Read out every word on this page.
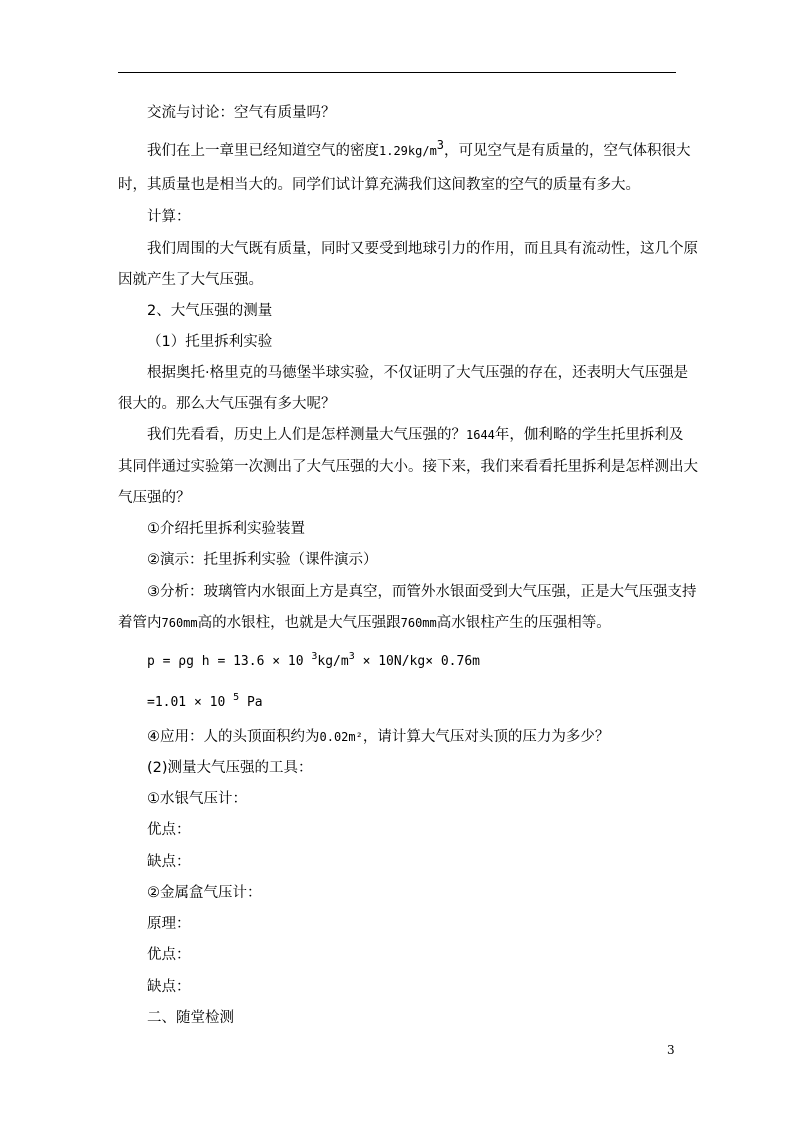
交流与讨论：空气有质量吗？
我们在上一章里已经知道空气的密度$1.29kg/m^3$，可见空气是有质量的，空气体积很大
时，其质量也是相当大的。同学们试计算充满我们这间教室的空气的质量有多大。
计算：
我们周围的大气既有质量，同时又要受到地球引力的作用，而且具有流动性，这几个原
因就产生了大气压强。
2、大气压强的测量
（1）托里拆利实验
根据奥托·格里克的马德堡半球实验，不仅证明了大气压强的存在，还表明大气压强是
很大的。那么大气压强有多大呢？
我们先看看，历史上人们是怎样测量大气压强的？1644年，伽利略的学生托里拆利及
其同伴通过实验第一次测出了大气压强的大小。接下来，我们来看看托里拆利是怎样测出大
气压强的？
①介绍托里拆利实验装置
②演示：托里拆利实验（课件演示）
③分析：玻璃管内水银面上方是真空，而管外水银面受到大气压强，正是大气压强支持
着管内760mm高的水银柱，也就是大气压强跟760mm高水银柱产生的压强相等。
p = ρg h = 13.6 × 10 $^3kg/m^3 \times 10N/kg\times 0.76m$
=1.01 × 10 $^5$ Pa
④应用：人的头顶面积约为0.02m²，请计算大气压对头顶的压力为多少？
(2)测量大气压强的工具：
①水银气压计：
优点：
缺点：
②金属盒气压计：
原理：
优点：
缺点：
二、随堂检测
3
